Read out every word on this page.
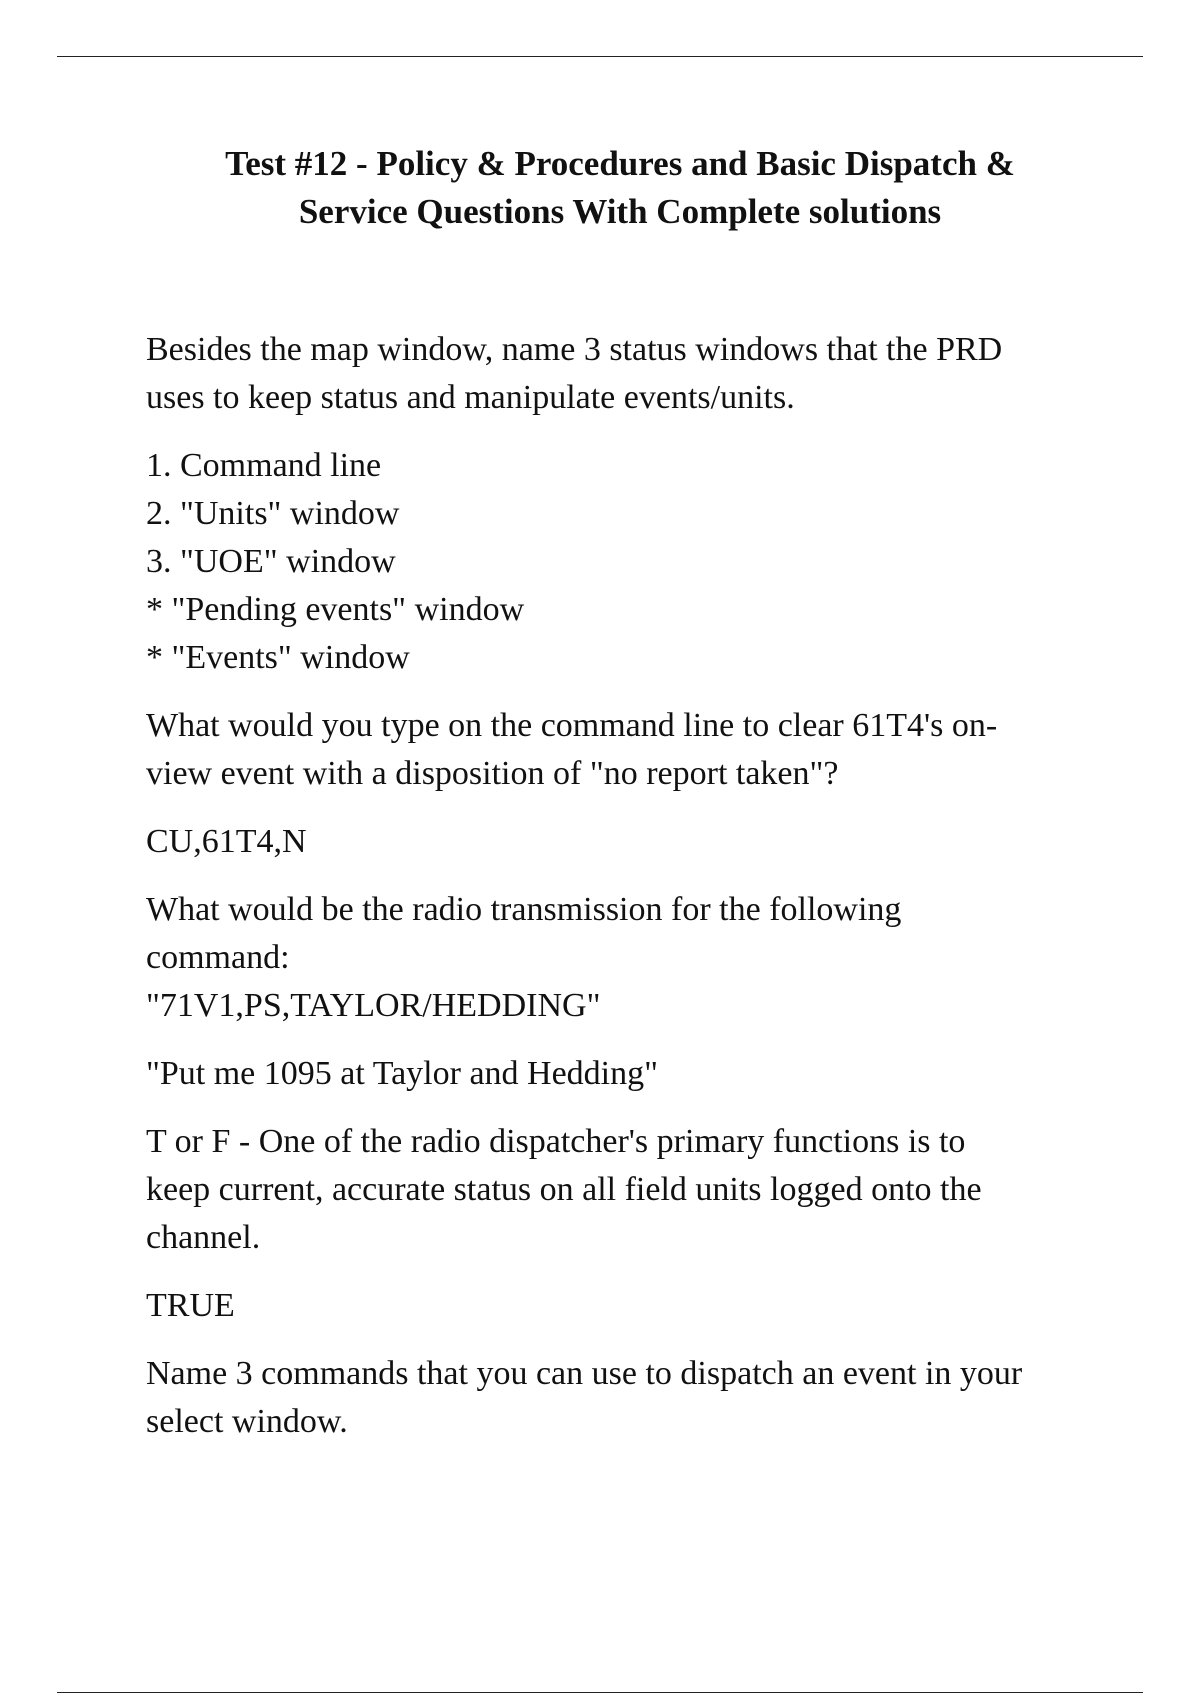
Test #12 - Policy & Procedures and Basic Dispatch &
Service Questions With Complete solutions
Besides the map window, name 3 status windows that the PRD
uses to keep status and manipulate events/units.
1. Command line
2. "Units" window
3. "UOE" window
* "Pending events" window
* "Events" window
What would you type on the command line to clear 61T4's on-
view event with a disposition of "no report taken"?
CU,61T4,N
What would be the radio transmission for the following
command:
"71V1,PS,TAYLOR/HEDDING"
"Put me 1095 at Taylor and Hedding"
T or F - One of the radio dispatcher's primary functions is to
keep current, accurate status on all field units logged onto the
channel.
TRUE
Name 3 commands that you can use to dispatch an event in your
select window.
